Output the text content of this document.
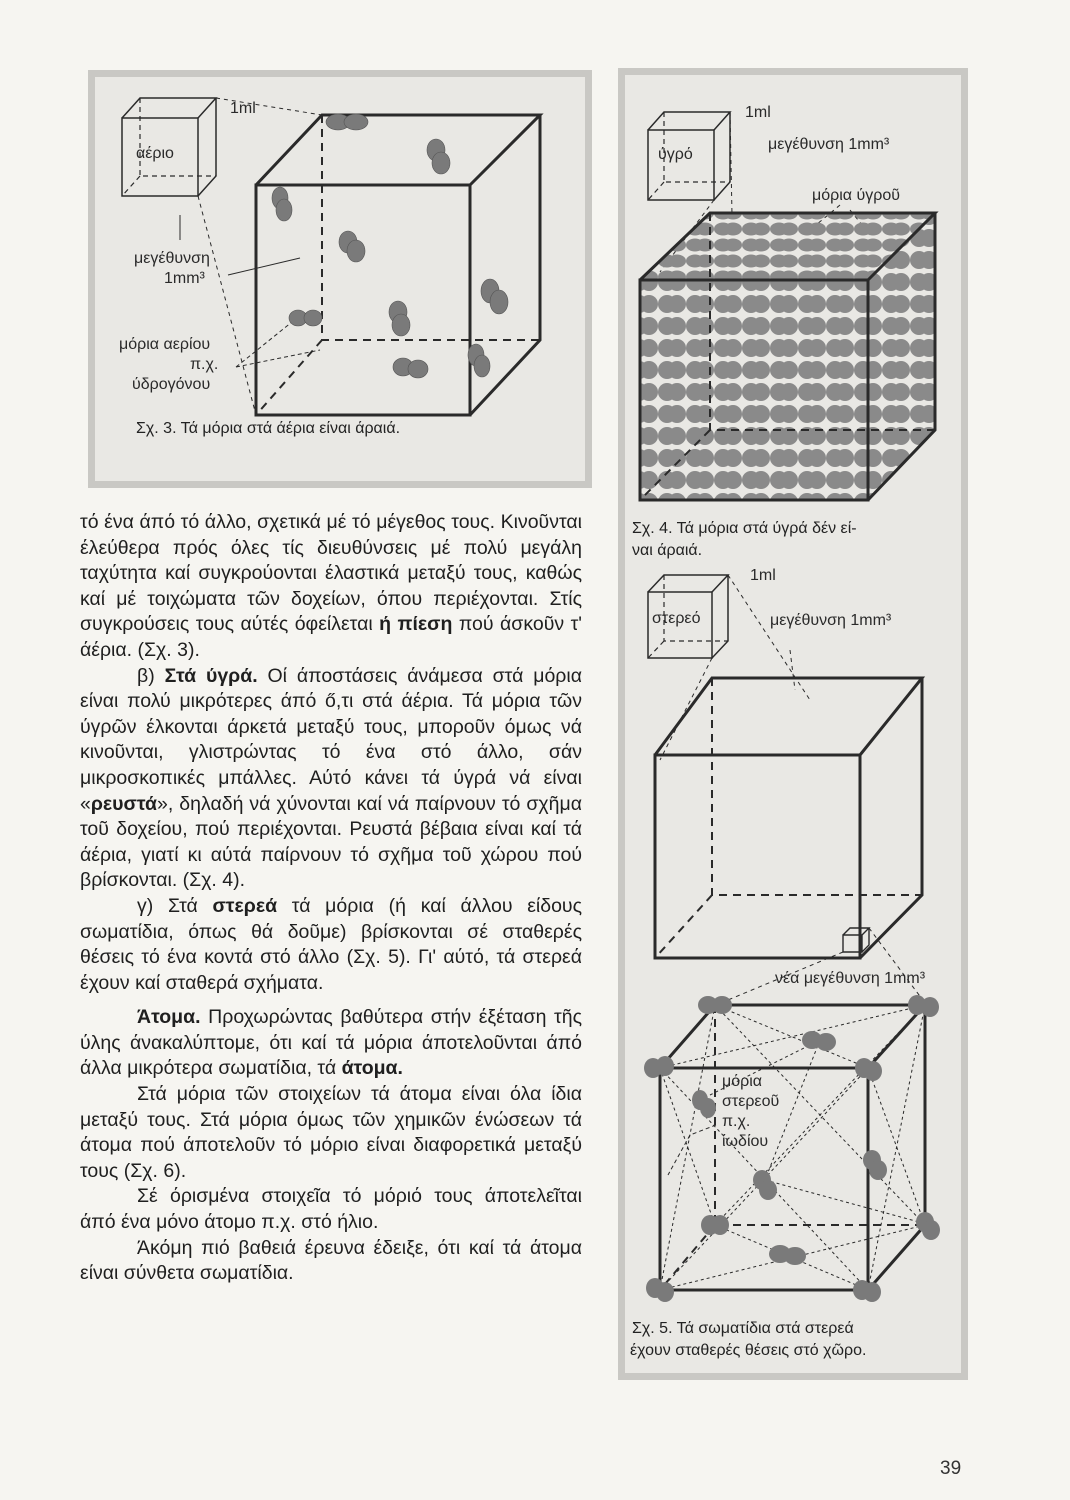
1ml
αέριο
μεγέθυνση
1mm³
μόρια αερίου
π.χ.
ύδρογόνου
Σχ. 3. Τά μόρια στά άέρια είναι άραιά.
1ml
ύγρό
μεγέθυνση 1mm³
μόρια ύγροῦ
Σχ. 4. Τά μόρια στά ύγρά δέν εί-
ναι άραιά.
1ml
στερεό	μεγέθυνση 1mm³
νέα μεγέθυνση 1mm³
μόρια
στερεοῦ
π.χ.
ίωδίου
Σχ. 5. Τά σωματίδια στά στερεά
έχουν σταθερές θέσεις στό χῶρο.

τό ένα άπό τό άλλο, σχετικά μέ τό μέγεθος τους. Κινοῦνται έλεύθερα πρός όλες τίς διευθύνσεις μέ πολύ μεγάλη ταχύτητα καί συγκρούονται έλαστικά μεταξύ τους, καθώς καί μέ τοιχώματα τῶν δοχείων, όπου περιέχονται. Στίς συγκρούσεις τους αύτές όφείλεται ή πίεση πού άσκοῦν τ' άέρια. (Σχ. 3).

β) Στά ύγρά. Οί άποστάσεις άνάμεσα στά μόρια είναι πολύ μικρότερες άπό ő,τι στά άέρια. Τά μόρια τῶν ύγρῶν έλκονται άρκετά μεταξύ τους, μποροῦν όμως νά κινοῦνται, γλιστρώντας τό ένα στό άλλο, σάν μικροσκοπικές μπάλλες. Αύτό κάνει τά ύγρά νά είναι «ρευστά», δηλαδή νά χύνονται καί νά παίρνουν τό σχῆμα τοῦ δοχείου, πού περιέχονται. Ρευστά βέβαια είναι καί τά άέρια, γιατί κι αύτά παίρνουν τό σχῆμα τοῦ χώρου πού βρίσκονται. (Σχ. 4).

γ) Στά στερεά τά μόρια (ή καί άλλου είδους σωματίδια, όπως θά δοῦμε) βρίσκονται σέ σταθερές θέσεις τό ένα κοντά στό άλλο (Σχ. 5). Γι' αύτό, τά στερεά έχουν καί σταθερά σχήματα.

Άτομα. Προχωρώντας βαθύτερα στήν έξέταση τῆς ύλης άνακαλύπτομε, ότι καί τά μόρια άποτελοῦνται άπό άλλα μικρότερα σωματίδια, τά άτομα.

Στά μόρια τῶν στοιχείων τά άτομα είναι όλα ίδια μεταξύ τους. Στά μόρια όμως τῶν χημικῶν ένώσεων τά άτομα πού άποτελοῦν τό μόριο είναι διαφορετικά μεταξύ τους (Σχ. 6).

Σέ όρισμένα στοιχεῖα τό μόριό τους άποτελεῖται άπό ένα μόνο άτομο π.χ. στό ήλιο.

Άκόμη πιό βαθειά έρευνα έδειξε, ότι καί τά άτομα είναι σύνθετα σωματίδια.

39
